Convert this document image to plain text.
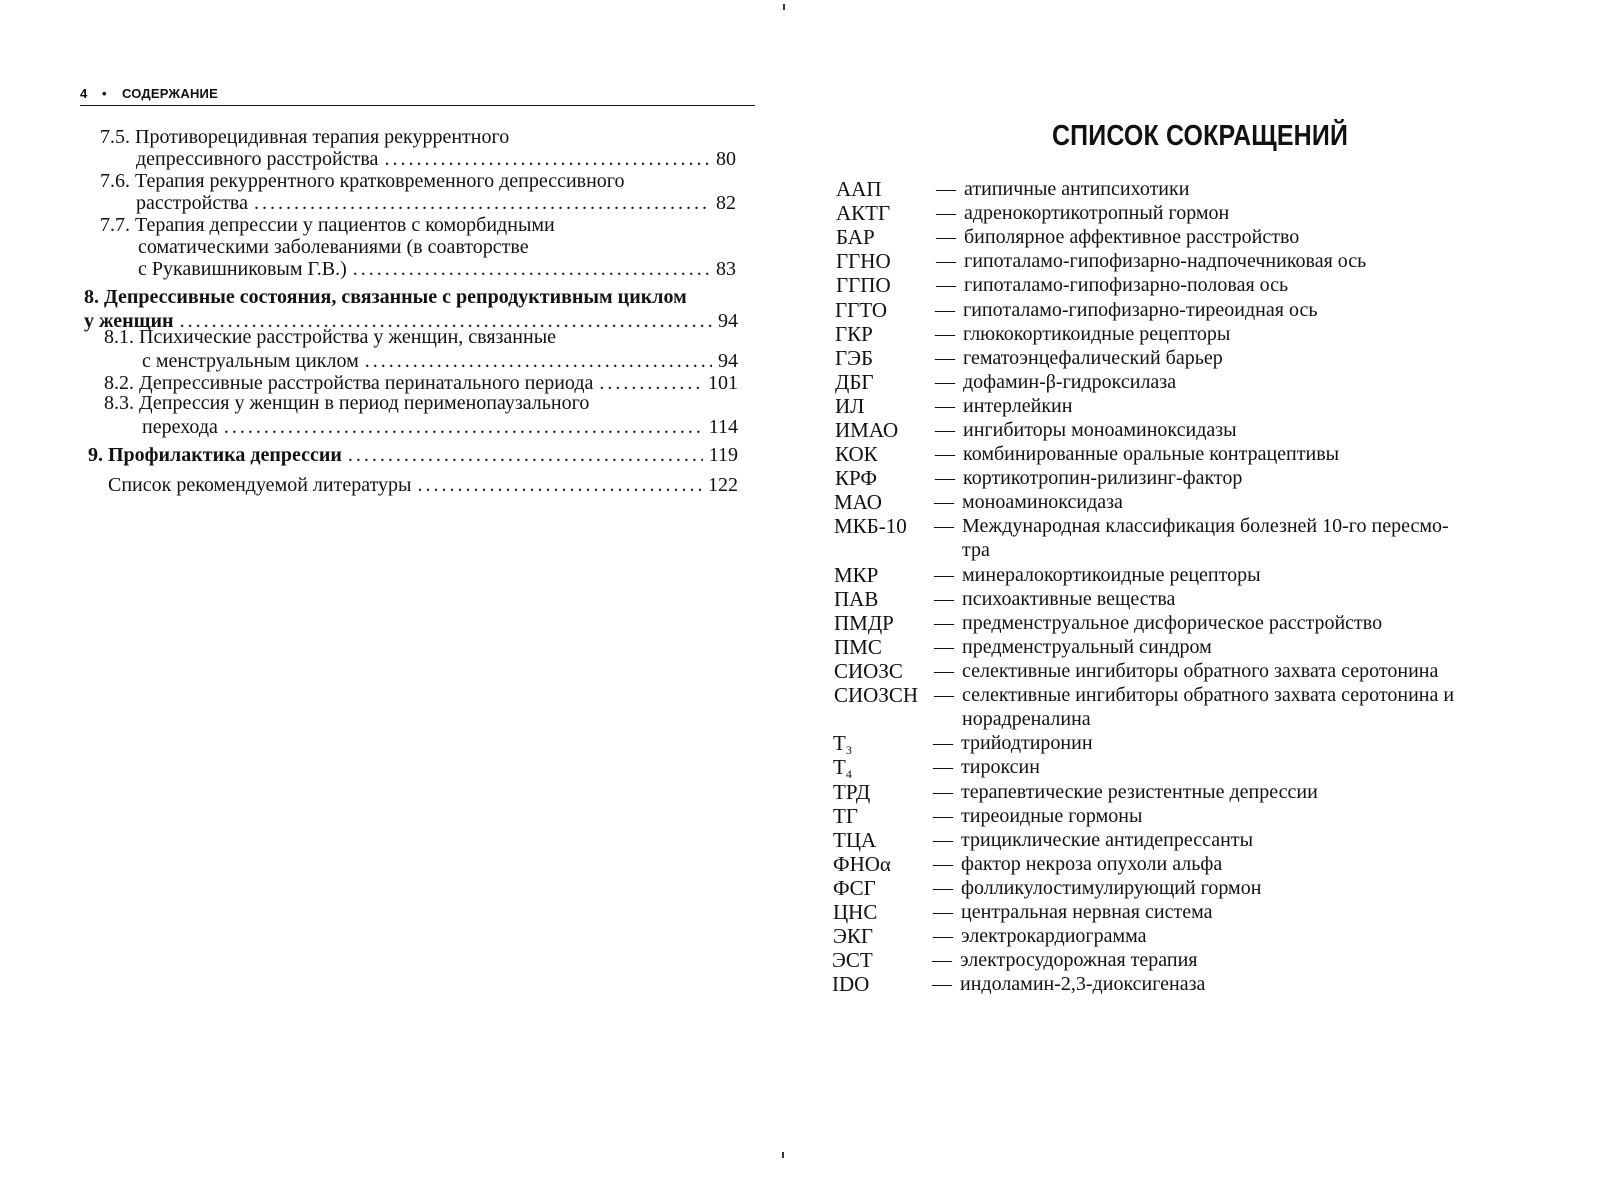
4 • СОДЕРЖАНИЕ
7.5. Противорецидивная терапия рекуррентного
депрессивного расстройства .....	80
7.6. Терапия рекуррентного кратковременного депрессивного
расстройства .....	82
7.7. Терапия депрессии у пациентов с коморбидными
соматическими заболеваниями (в соавторстве
с Рукавишниковым Г.В.) .....	83
8. Депрессивные состояния, связанные с репродуктивным циклом
у женщин .....	94
8.1. Психические расстройства у женщин, связанные
с менструальным циклом .....	94
8.2. Депрессивные расстройства перинатального периода .....	101
8.3. Депрессия у женщин в период перименопаузального
перехода .....	114
9. Профилактика депрессии .....	119
Список рекомендуемой литературы .....	122
СПИСОК СОКРАЩЕНИЙ
ААП	— атипичные антипсихотики
АКТГ — адренокортикотропный гормон
БАР	— биполярное аффективное расстройство
ГГНО — гипоталамо-гипофизарно-надпочечниковая ось
ГГПО — гипоталамо-гипофизарно-половая ось
ГГТО — гипоталамо-гипофизарно-тиреоидная ось
ГКР	— глюкокортикоидные рецепторы
ГЭБ	— гематоэнцефалический барьер
ДБГ	— дофамин-β-гидроксилаза
ИЛ	— интерлейкин
ИМАО — ингибиторы моноаминоксидазы
КОК	— комбинированные оральные контрацептивы
КРФ	— кортикотропин-рилизинг-фактор
МАО	— моноаминоксидаза
МКБ-10 — Международная классификация болезней 10-го пересмо-
тра
МКР	— минералокортикоидные рецепторы
ПАВ	— психоактивные вещества
ПМДР — предменструальное дисфорическое расстройство
ПМС	— предменструальный синдром
СИОЗС — селективные ингибиторы обратного захвата серотонина
СИОЗСН — селективные ингибиторы обратного захвата серотонина и
норадреналина
$T_3$	— трийодтиронин
$T_4$	— тироксин
ТРД	— терапевтические резистентные депрессии
ТГ	— тиреоидные гормоны
ТЦА	— трициклические антидепрессанты
ФНОα — фактор некроза опухоли альфа
ФСГ	— фолликулостимулирующий гормон
ЦНС	— центральная нервная система
ЭКГ	— электрокардиограмма
ЭСТ	— электросудорожная терапия
IDO	— индоламин-2,3-диоксигеназа
